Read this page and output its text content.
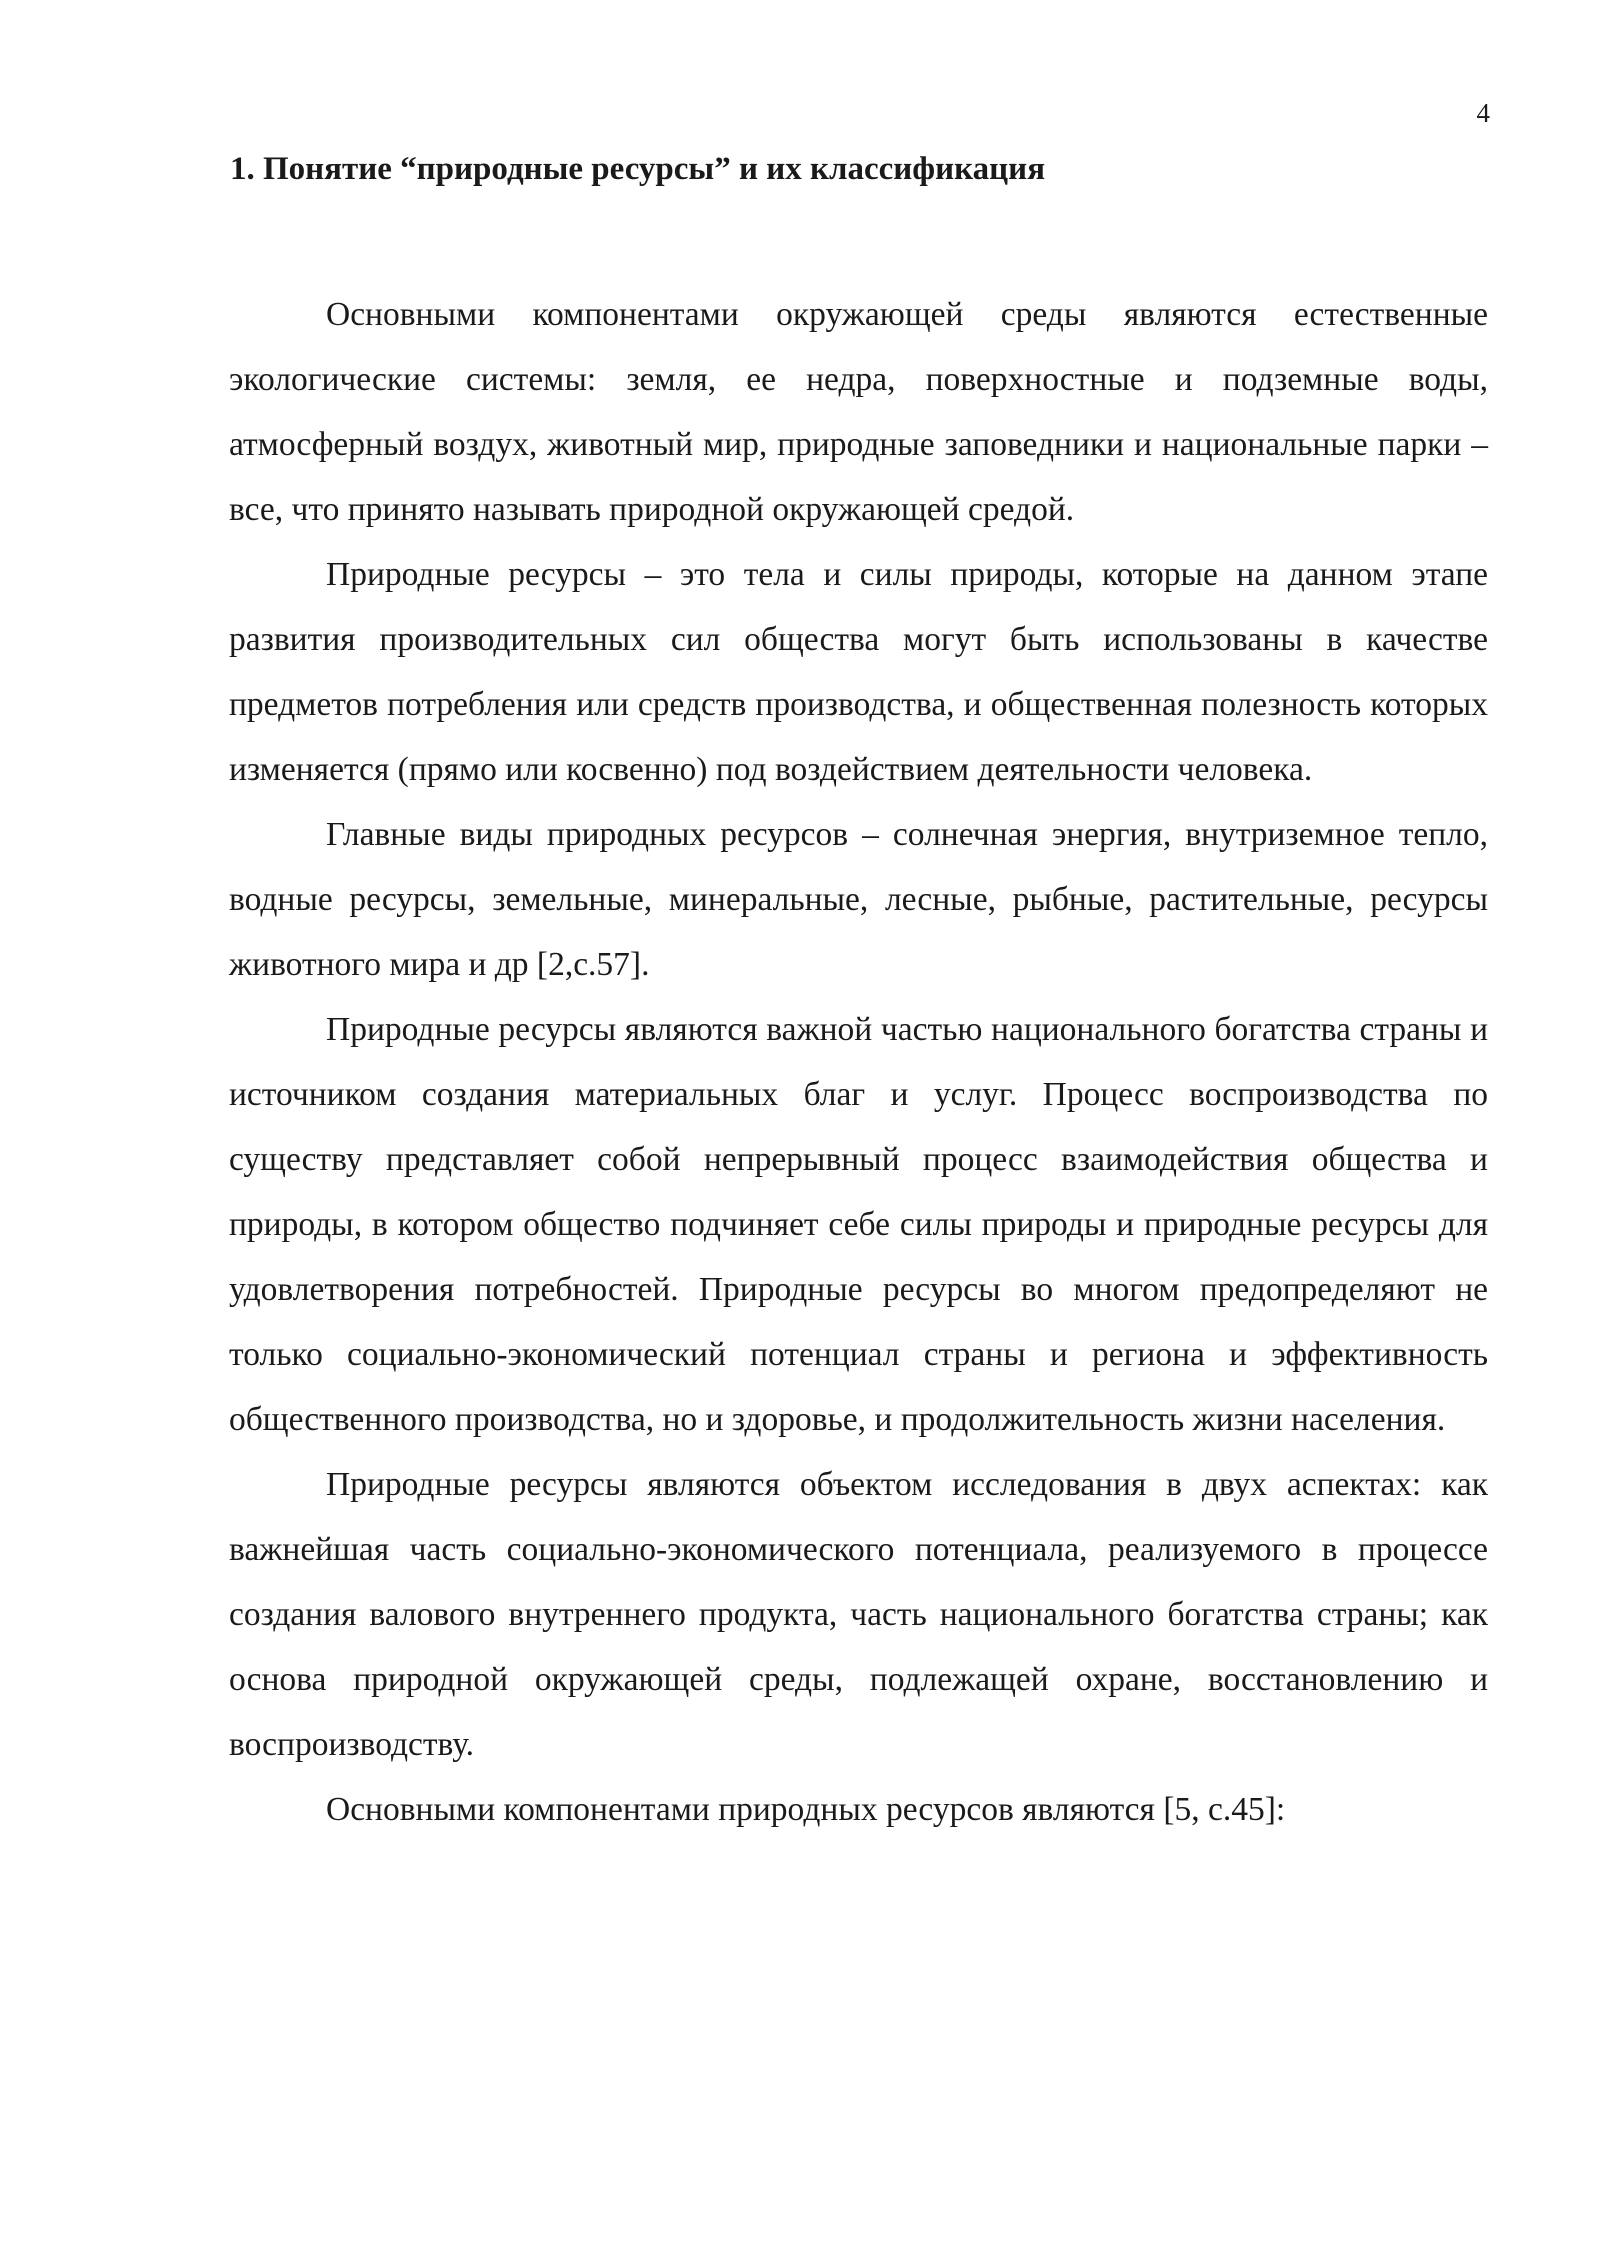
4
1. Понятие “природные ресурсы” и их классификация

Основными компонентами окружающей среды являются естественные экологические системы: земля, ее недра, поверхностные и подземные воды, атмосферный воздух, животный мир, природные заповедники и национальные парки – все, что принято называть природной окружающей средой.

Природные ресурсы – это тела и силы природы, которые на данном этапе развития производительных сил общества могут быть использованы в качестве предметов потребления или средств производства, и общественная полезность которых изменяется (прямо или косвенно) под воздействием деятельности человека.

Главные виды природных ресурсов – солнечная энергия, внутриземное тепло, водные ресурсы, земельные, минеральные, лесные, рыбные, растительные, ресурсы животного мира и др [2,с.57].

Природные ресурсы являются важной частью национального богатства страны и источником создания материальных благ и услуг. Процесс воспроизводства по существу представляет собой непрерывный процесс взаимодействия общества и природы, в котором общество подчиняет себе силы природы и природные ресурсы для удовлетворения потребностей. Природные ресурсы во многом предопределяют не только социально-экономический потенциал страны и региона и эффективность общественного производства, но и здоровье, и продолжительность жизни населения.

Природные ресурсы являются объектом исследования в двух аспектах: как важнейшая часть социально-экономического потенциала, реализуемого в процессе создания валового внутреннего продукта, часть национального богатства страны; как основа природной окружающей среды, подлежащей охране, восстановлению и воспроизводству.

Основными компонентами природных ресурсов являются [5, с.45]:
